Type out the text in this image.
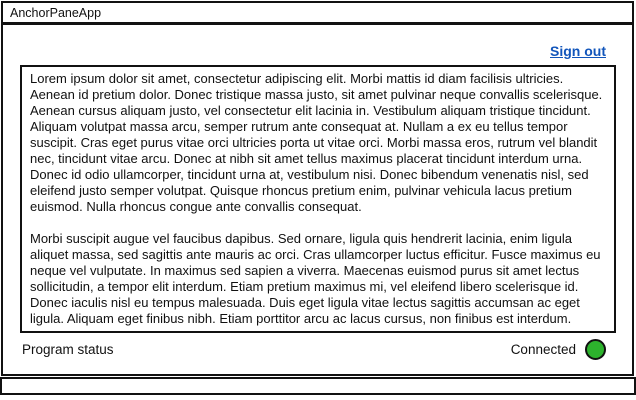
AnchorPaneApp
Sign out

Lorem ipsum dolor sit amet, consectetur adipiscing elit. Morbi mattis id diam facilisis ultricies. Aenean id pretium dolor. Donec tristique massa justo, sit amet pulvinar neque convallis scelerisque. Aenean cursus aliquam justo, vel consectetur elit lacinia in. Vestibulum aliquam tristique tincidunt. Aliquam volutpat massa arcu, semper rutrum ante consequat at. Nullam a ex eu tellus tempor suscipit. Cras eget purus vitae orci ultricies porta ut vitae orci. Morbi massa eros, rutrum vel blandit nec, tincidunt vitae arcu. Donec at nibh sit amet tellus maximus placerat tincidunt interdum urna. Donec id odio ullamcorper, tincidunt urna at, vestibulum nisi. Donec bibendum venenatis nisl, sed eleifend justo semper volutpat. Quisque rhoncus pretium enim, pulvinar vehicula lacus pretium euismod. Nulla rhoncus congue ante convallis consequat.

Morbi suscipit augue vel faucibus dapibus. Sed ornare, ligula quis hendrerit lacinia, enim ligula aliquet massa, sed sagittis ante mauris ac orci. Cras ullamcorper luctus efficitur. Fusce maximus eu neque vel vulputate. In maximus sed sapien a viverra. Maecenas euismod purus sit amet lectus sollicitudin, a tempor elit interdum. Etiam pretium maximus mi, vel eleifend libero scelerisque id. Donec iaculis nisl eu tempus malesuada. Duis eget ligula vitae lectus sagittis accumsan ac eget ligula. Aliquam eget finibus nibh. Etiam porttitor arcu ac lacus cursus, non finibus est interdum.

Program status	Connected
